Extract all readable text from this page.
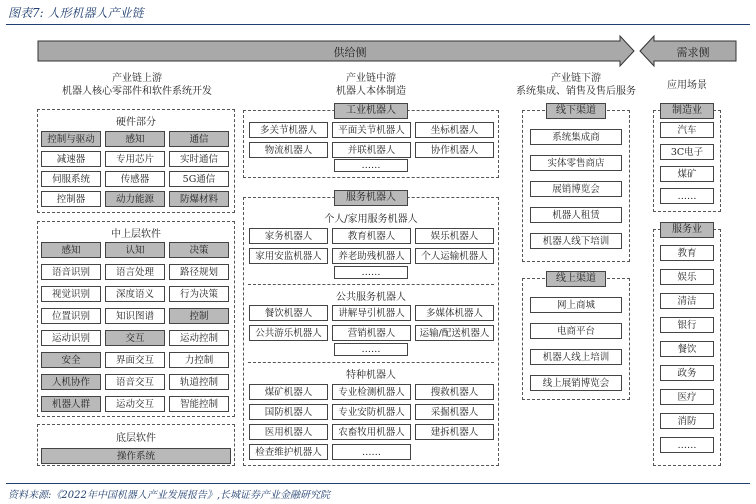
图表7: 人形机器人产业链
供给侧	需求侧
产业链上游
机器人核心零部件和软件系统开发
硬件部分
控制与驱动	感知	通信
减速器	专用芯片	实时通信
伺服系统	传感器	5G通信
控制器	动力能源	防爆材料
中上层软件
感知	认知	决策
语音识别	语言处理	路径规划
视觉识别	深度语义	行为决策
位置识别	知识图谱	控制
运动识别	交互	运动控制
安全	界面交互	力控制
人机协作	语音交互	轨道控制
机器人群	运动交互	智能控制
底层软件
操作系统
产业链中游
机器人本体制造
工业机器人
多关节机器人	平面关节机器人	坐标机器人
物流机器人	并联机器人	协作机器人
……
服务机器人
个人/家用服务机器人
家务机器人	教育机器人	娱乐机器人
家用安监机器人	养老助残机器人	个人运输机器人
……
公共服务机器人
餐饮机器人	讲解导引机器人	多媒体机器人
公共游乐机器人	营销机器人	运输/配送机器人
……
特种机器人
煤矿机器人	专业检测机器人	搜救机器人
国防机器人	专业安防机器人	采掘机器人
医用机器人	农畜牧用机器人	建拆机器人
检查维护机器人	……
产业链下游
系统集成、销售及售后服务
线下渠道
系统集成商
实体零售商店
展销博览会
机器人租赁
机器人线下培训
线上渠道
网上商城
电商平台
机器人线上培训
线上展销博览会
应用场景
制造业
汽车
3C电子
煤矿
……
服务业
教育
娱乐
清洁
银行
餐饮
政务
医疗
消防
……
资料来源:《2022年中国机器人产业发展报告》,长城证券产业金融研究院
